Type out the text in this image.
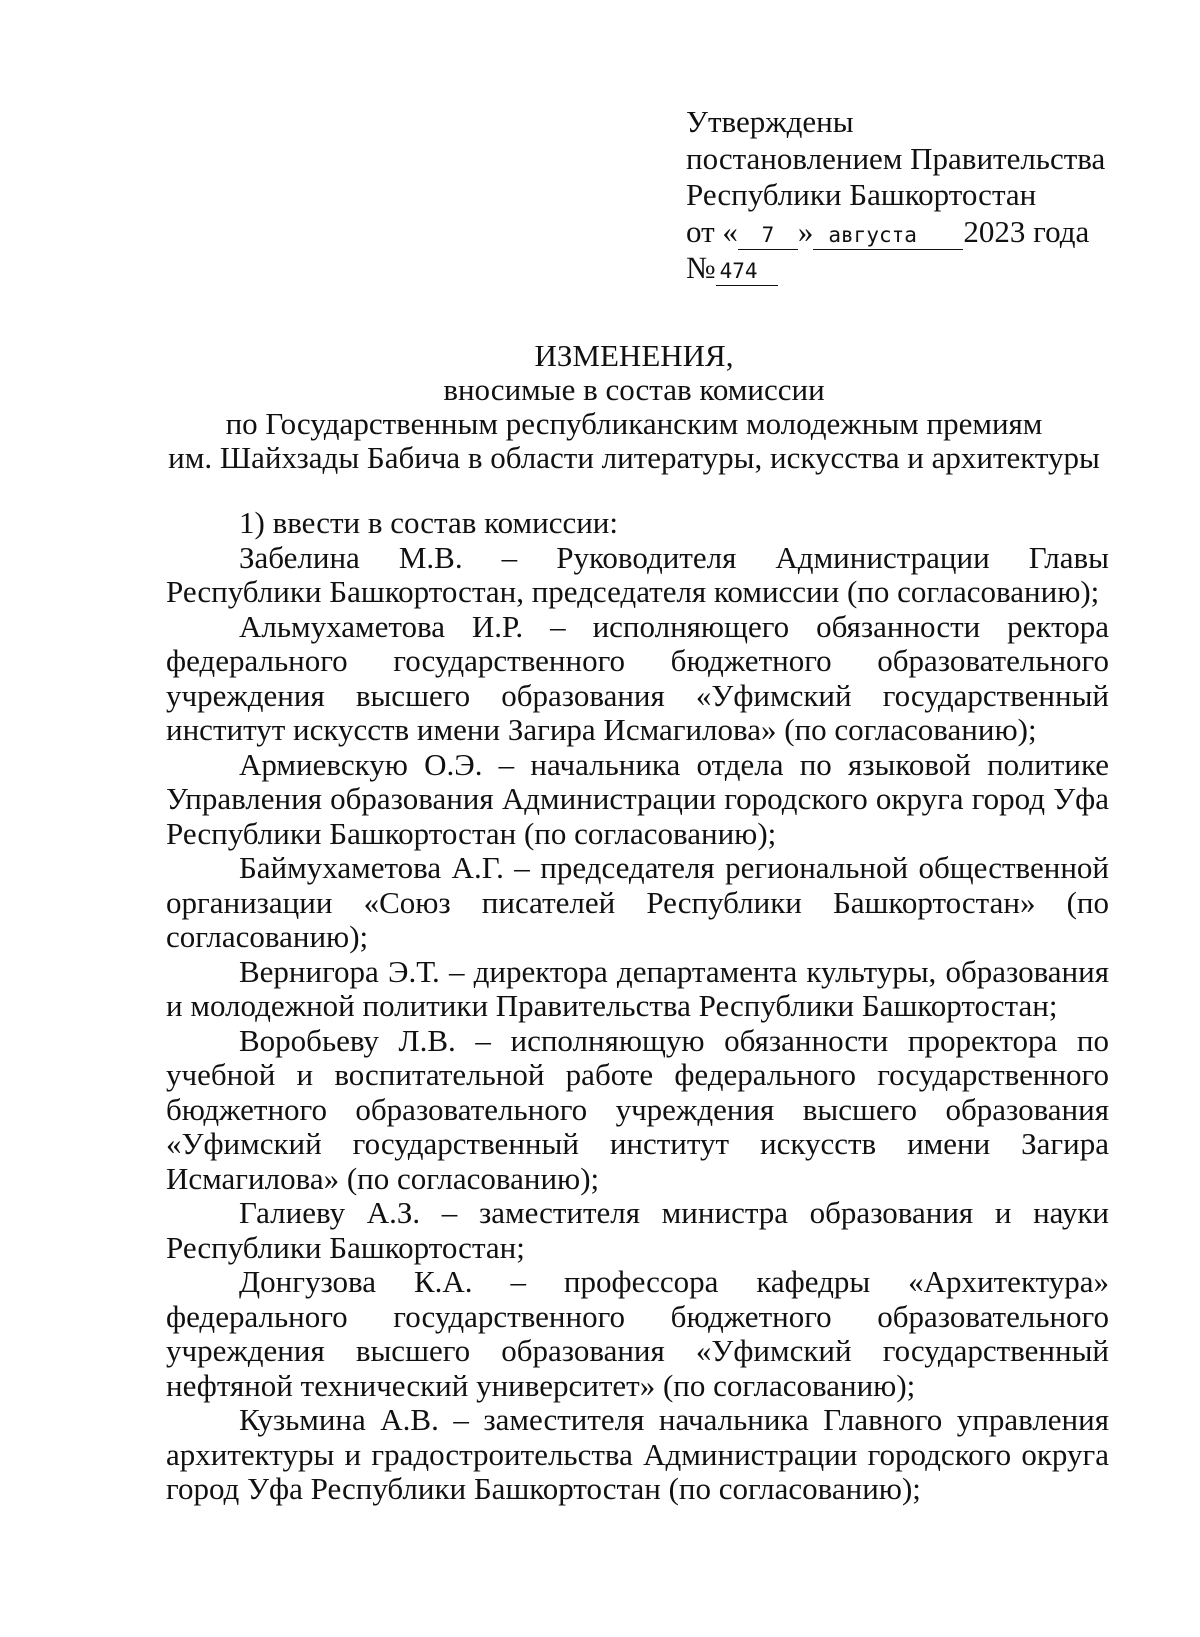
Утверждены
постановлением Правительства
Республики Башкортостан
от « 7 » августа 2023 года
№ 474
ИЗМЕНЕНИЯ,
вносимые в состав комиссии
по Государственным республиканским молодежным премиям
им. Шайхзады Бабича в области литературы, искусства и архитектуры
1) ввести в состав комиссии:

Забелина М.В. – Руководителя Администрации Главы Республики Башкортостан, председателя комиссии (по согласованию);

Альмухаметова И.Р. – исполняющего обязанности ректора федерального государственного бюджетного образовательного учреждения высшего образования «Уфимский государственный институт искусств имени Загира Исмагилова» (по согласованию);

Армиевскую О.Э. – начальника отдела по языковой политике Управления образования Администрации городского округа город Уфа Республики Башкортостан (по согласованию);

Баймухаметова А.Г. – председателя региональной общественной организации «Союз писателей Республики Башкортостан» (по согласованию);

Вернигора Э.Т. – директора департамента культуры, образования и молодежной политики Правительства Республики Башкортостан;

Воробьеву Л.В. – исполняющую обязанности проректора по учебной и воспитательной работе федерального государственного бюджетного образовательного учреждения высшего образования «Уфимский государственный институт искусств имени Загира Исмагилова» (по согласованию);

Галиеву А.З. – заместителя министра образования и науки Республики Башкортостан;

Донгузова К.А. – профессора кафедры «Архитектура» федерального государственного бюджетного образовательного учреждения высшего образования «Уфимский государственный нефтяной технический университет» (по согласованию);

Кузьмина А.В. – заместителя начальника Главного управления архитектуры и градостроительства Администрации городского округа город Уфа Республики Башкортостан (по согласованию);
